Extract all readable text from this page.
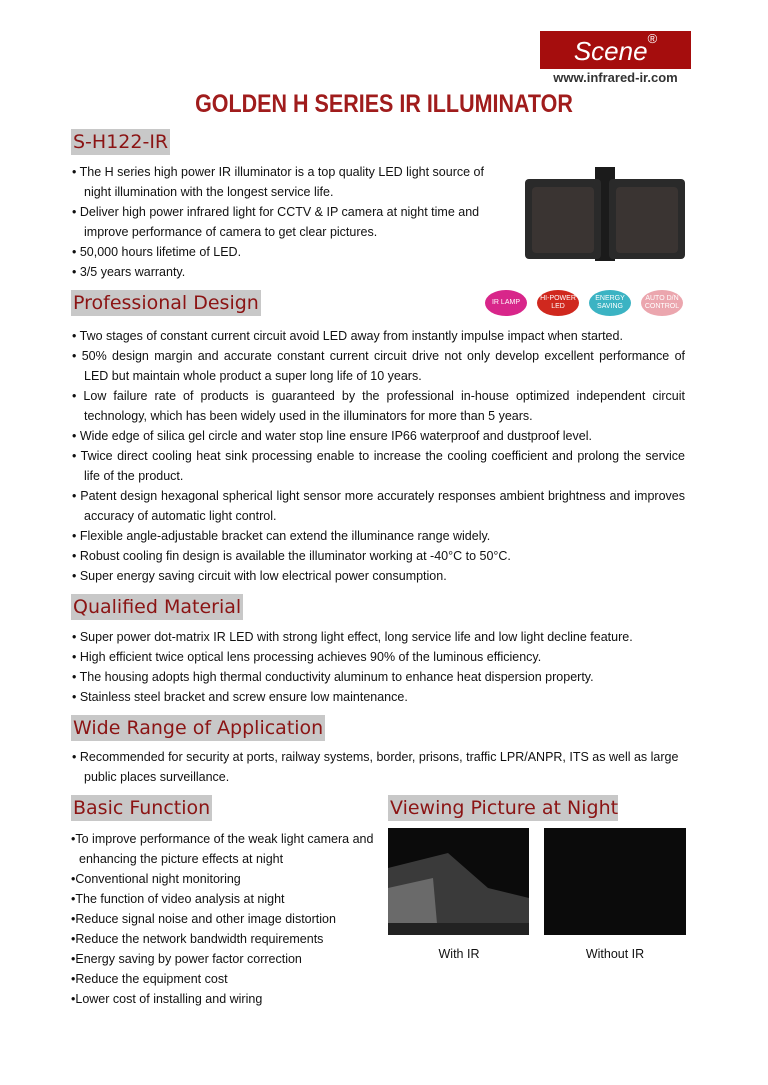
Scene®
www.infrared-ir.com
GOLDEN H SERIES IR ILLUMINATOR
S-H122-IR
• The H series high power IR illuminator is a top quality LED light source of night illumination with the longest service life.
• Deliver high power infrared light for CCTV & IP camera at night time and improve performance of camera to get clear pictures.
• 50,000 hours lifetime of LED.
• 3/5 years warranty.
Professional Design	IR LAMP
HI-POWER LED
ENERGY SAVING
AUTO D/N CONTROL
• Two stages of constant current circuit avoid LED away from instantly impulse impact when started.
• 50% design margin and accurate constant current circuit drive not only develop excellent performance of LED but maintain whole product a super long life of 10 years.
• Low failure rate of products is guaranteed by the professional in-house optimized independent circuit technology, which has been widely used in the illuminators for more than 5 years.
• Wide edge of silica gel circle and water stop line ensure IP66 waterproof and dustproof level.
• Twice direct cooling heat sink processing enable to increase the cooling coefficient and prolong the service life of the product.
• Patent design hexagonal spherical light sensor more accurately responses ambient brightness and improves accuracy of automatic light control.
• Flexible angle-adjustable bracket can extend the illuminance range widely.
• Robust cooling fin design is available the illuminator working at -40°C to 50°C.
• Super energy saving circuit with low electrical power consumption.
Qualified Material
• Super power dot-matrix IR LED with strong light effect, long service life and low light decline feature.
• High efficient twice optical lens processing achieves 90% of the luminous efficiency.
• The housing adopts high thermal conductivity aluminum to enhance heat dispersion property.
• Stainless steel bracket and screw ensure low maintenance.
Wide Range of Application
• Recommended for security at ports, railway systems, border, prisons, traffic LPR/ANPR, ITS as well as large public places surveillance.
Basic Function
•To improve performance of the weak light camera and enhancing the picture effects at night
•Conventional night monitoring
•The function of video analysis at night
•Reduce signal noise and other image distortion
•Reduce the network bandwidth requirements
•Energy saving by power factor correction
•Reduce the equipment cost
•Lower cost of installing and wiring
Viewing Picture at Night
With IR	Without IR
